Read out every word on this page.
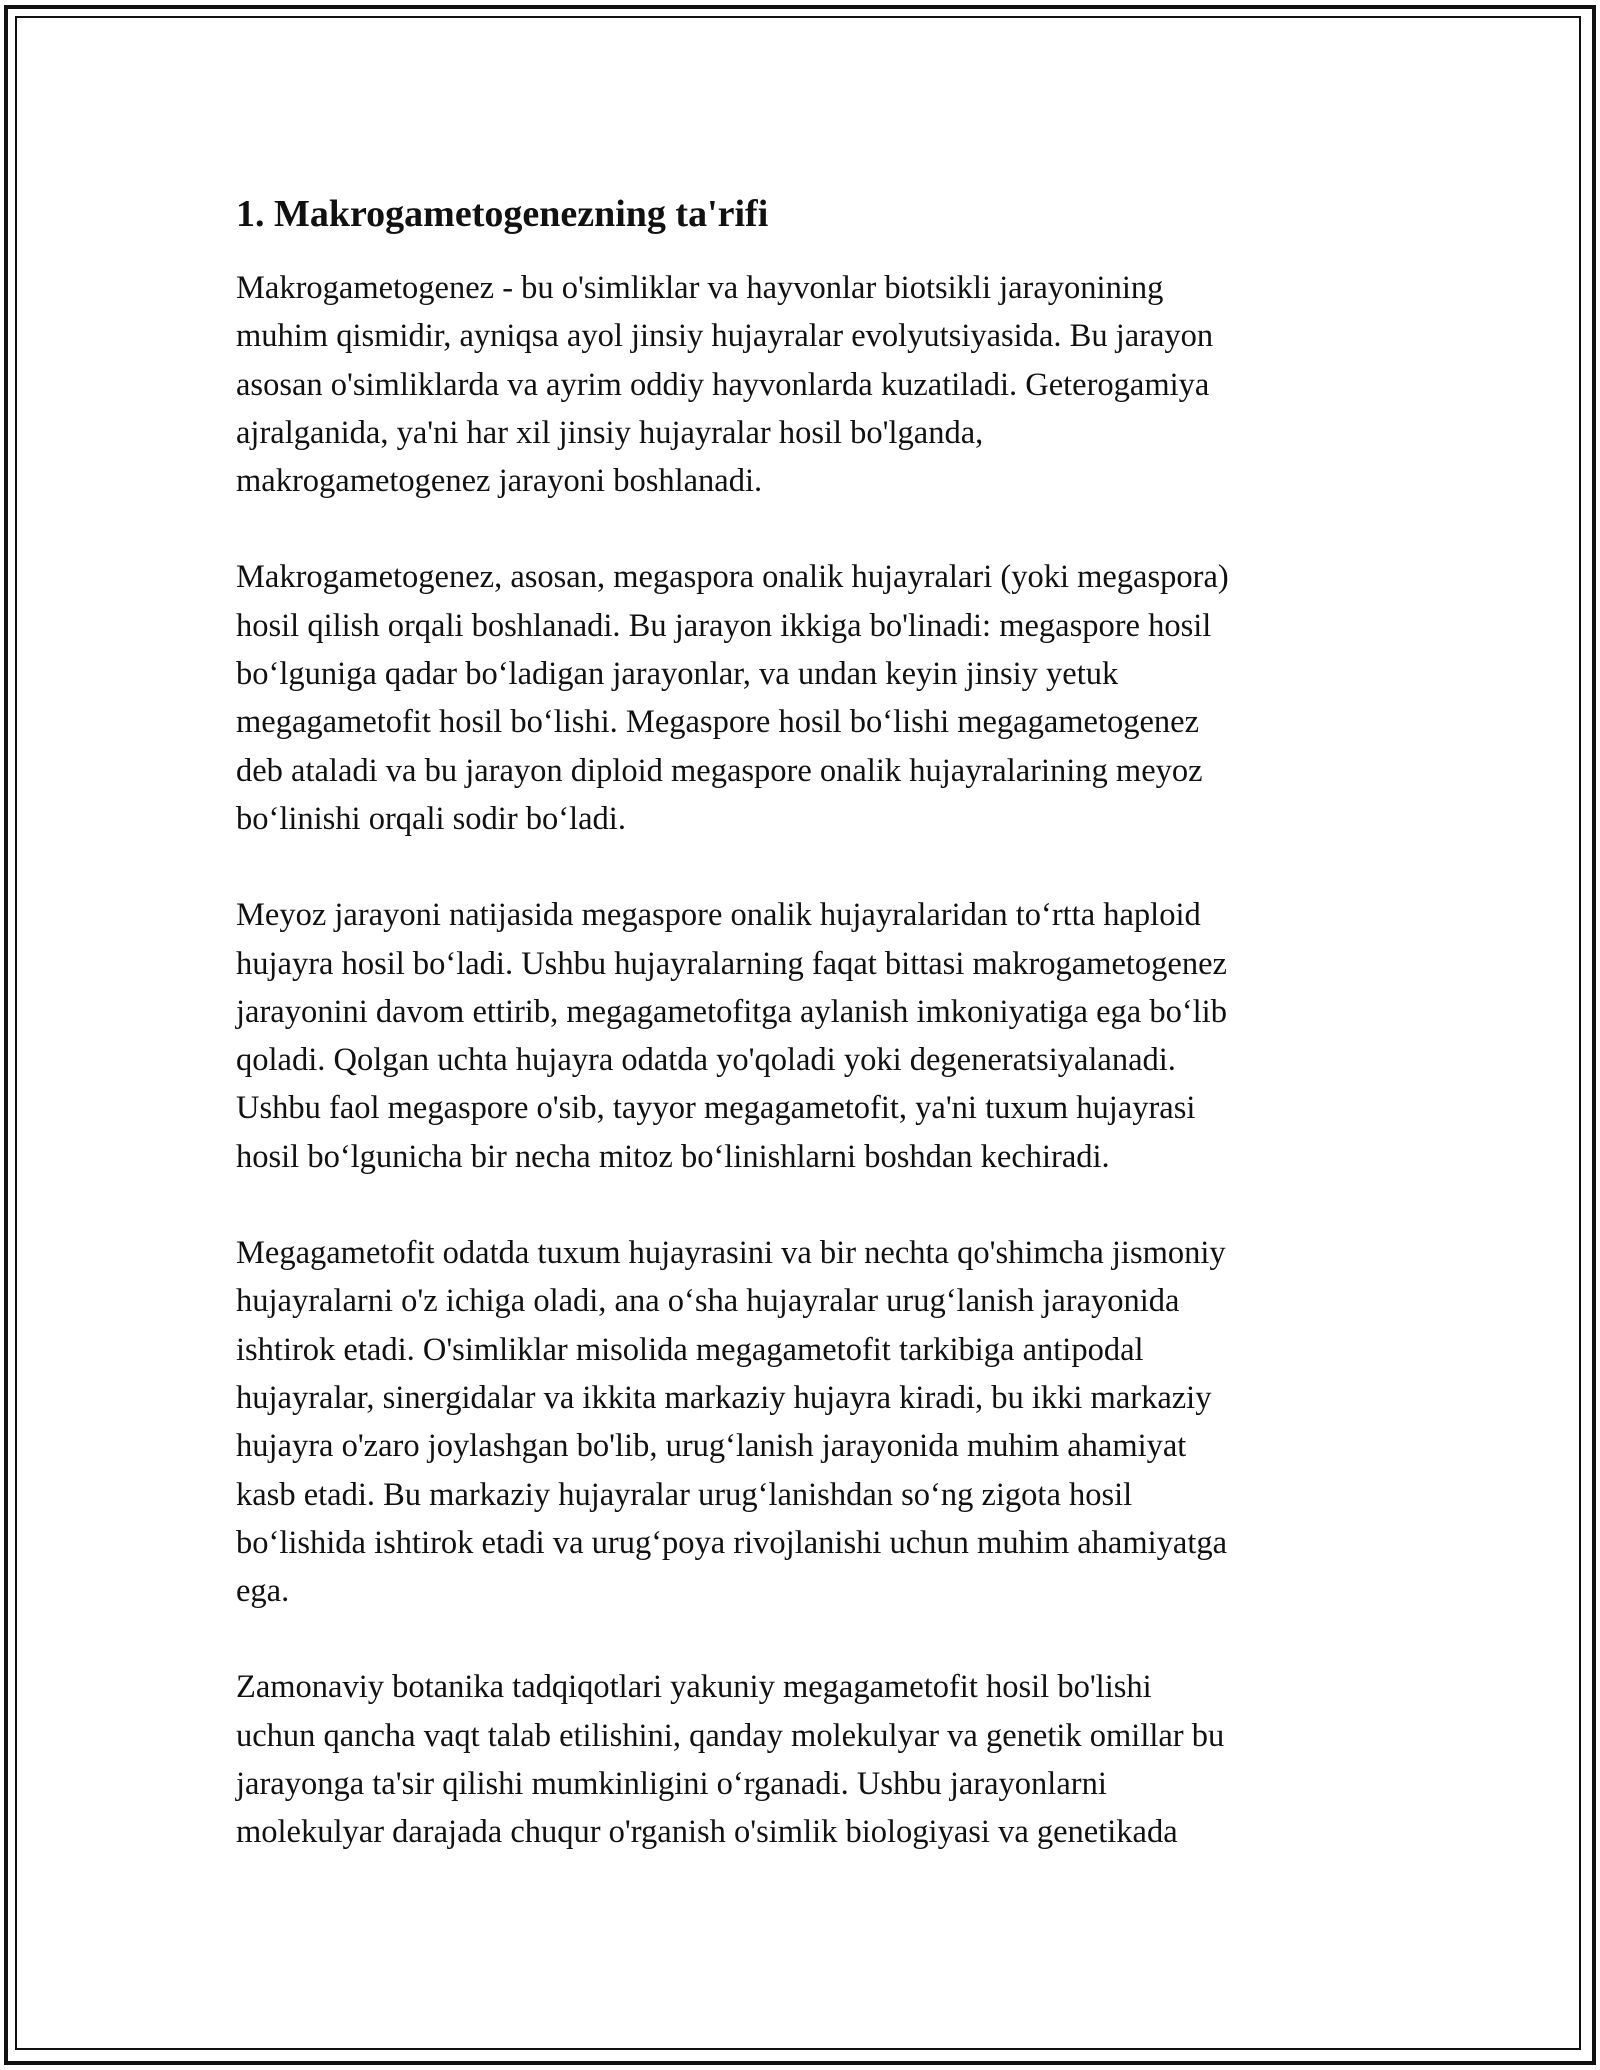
1. Makrogametogenezning ta'rifi

Makrogametogenez - bu o'simliklar va hayvonlar biotsikli jarayonining
muhim qismidir, ayniqsa ayol jinsiy hujayralar evolyutsiyasida. Bu jarayon
asosan o'simliklarda va ayrim oddiy hayvonlarda kuzatiladi. Geterogamiya
ajralganida, ya'ni har xil jinsiy hujayralar hosil bo'lganda,
makrogametogenez jarayoni boshlanadi.

Makrogametogenez, asosan, megaspora onalik hujayralari (yoki megaspora)
hosil qilish orqali boshlanadi. Bu jarayon ikkiga bo'linadi: megaspore hosil
bo‘lguniga qadar bo‘ladigan jarayonlar, va undan keyin jinsiy yetuk
megagametofit hosil bo‘lishi. Megaspore hosil bo‘lishi megagametogenez
deb ataladi va bu jarayon diploid megaspore onalik hujayralarining meyoz
bo‘linishi orqali sodir bo‘ladi.

Meyoz jarayoni natijasida megaspore onalik hujayralaridan to‘rtta haploid
hujayra hosil bo‘ladi. Ushbu hujayralarning faqat bittasi makrogametogenez
jarayonini davom ettirib, megagametofitga aylanish imkoniyatiga ega bo‘lib
qoladi. Qolgan uchta hujayra odatda yo'qoladi yoki degeneratsiyalanadi.
Ushbu faol megaspore o'sib, tayyor megagametofit, ya'ni tuxum hujayrasi
hosil bo‘lgunicha bir necha mitoz bo‘linishlarni boshdan kechiradi.

Megagametofit odatda tuxum hujayrasini va bir nechta qo'shimcha jismoniy
hujayralarni o'z ichiga oladi, ana o‘sha hujayralar urug‘lanish jarayonida
ishtirok etadi. O'simliklar misolida megagametofit tarkibiga antipodal
hujayralar, sinergidalar va ikkita markaziy hujayra kiradi, bu ikki markaziy
hujayra o'zaro joylashgan bo'lib, urug‘lanish jarayonida muhim ahamiyat
kasb etadi. Bu markaziy hujayralar urug‘lanishdan so‘ng zigota hosil
bo‘lishida ishtirok etadi va urug‘poya rivojlanishi uchun muhim ahamiyatga
ega.

Zamonaviy botanika tadqiqotlari yakuniy megagametofit hosil bo'lishi
uchun qancha vaqt talab etilishini, qanday molekulyar va genetik omillar bu
jarayonga ta'sir qilishi mumkinligini o‘rganadi. Ushbu jarayonlarni
molekulyar darajada chuqur o'rganish o'simlik biologiyasi va genetikada
